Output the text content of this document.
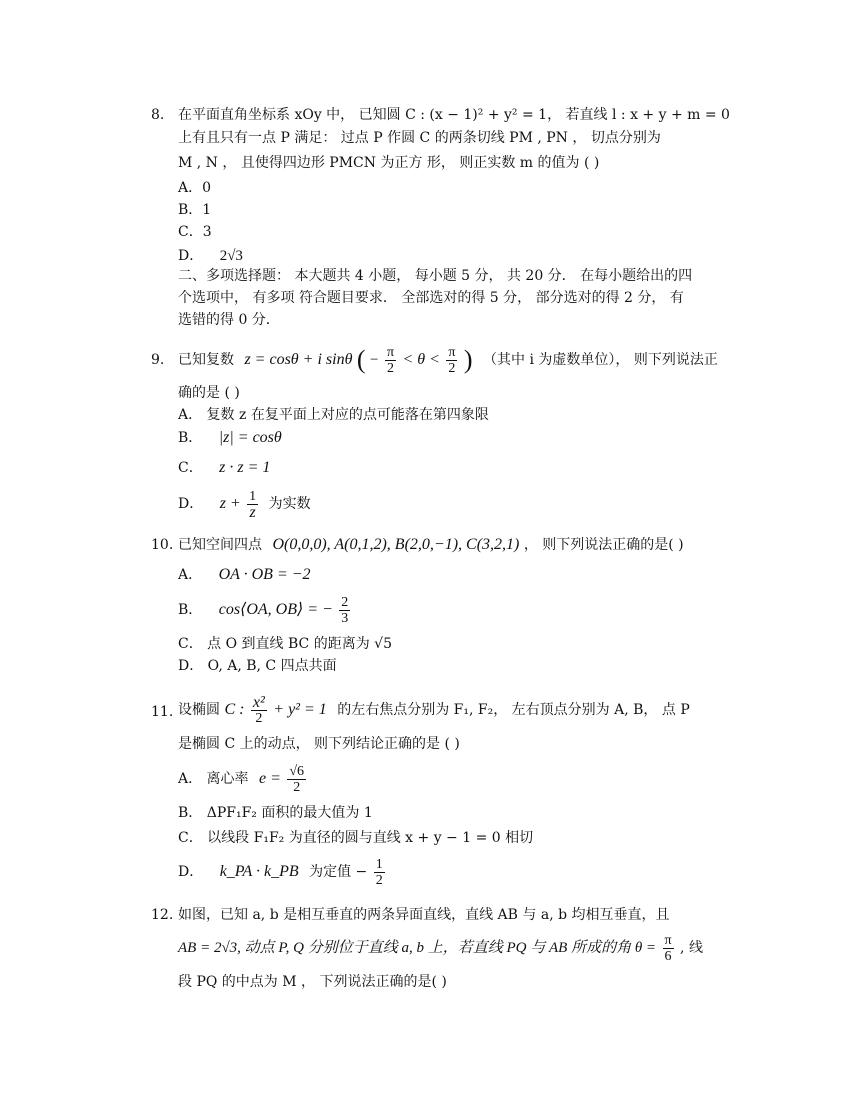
8. 在平面直角坐标系 xOy 中， 已知圆 C : (x − 1)² + y² = 1， 若直线 l : x + y + m = 0
上有且只有一点 P 满足： 过点 P 作圆 C 的两条切线 PM , PN ， 切点分别为
M , N ， 且使得四边形 PMCN 为正方 形， 则正实数 m 的值为 ( )
A．0
B．1
C．3
D． 2√3
二、多项选择题： 本大题共 4 小题， 每小题 5 分， 共 20 分． 在每小题给出的四
个选项中， 有多项 符合题目要求． 全部选对的得 5 分， 部分选对的得 2 分， 有
选错的得 0 分．
9. 已知复数 z = cosθ + i sinθ ( − $\frac{\pi}{2} < \theta < \frac{\pi}{2}$ ) （其中 i 为虚数单位）， 则下列说法正
确的是 ( )
A． 复数 z 在复平面上对应的点可能落在第四象限
B． |z| = cosθ
C． z · z = 1
D． $z + \frac{1}{z}$ 为实数
10. 已知空间四点 O(0,0,0), A(0,1,2), B(2,0,−1), C(3,2,1) ， 则下列说法正确的是( )
A． OA · OB = −2
B． cos⟨OA, OB⟩ = − $\frac{2}{3}$
C． 点 O 到直线 BC 的距离为 √5
D． O, A, B, C 四点共面
11. 设椭圆 C : $\frac{\text{x²}}{2} + y^2 = 1$ 的左右焦点分别为 F₁, F₂， 左右顶点分别为 A, B， 点 P
是椭圆 C 上的动点， 则下列结论正确的是 ( )
A． 离心率 $e = \frac{√6}{2}$
B． ΔPF₁F₂ 面积的最大值为 1
C． 以线段 F₁F₂ 为直径的圆与直线 x + y − 1 = 0 相切
D． k_PA · k_PB 为定值 − $\frac{1}{2}$
12. 如图，已知 a, b 是相互垂直的两条异面直线，直线 AB 与 a, b 均相互垂直，且
AB = 2√3, 动点 P, Q 分别位于直线 a, b 上，若直线 PQ 与 AB 所成的角 $\theta = \frac{\pi}{6}$ , 线
段 PQ 的中点为 M ， 下列说法正确的是( )
